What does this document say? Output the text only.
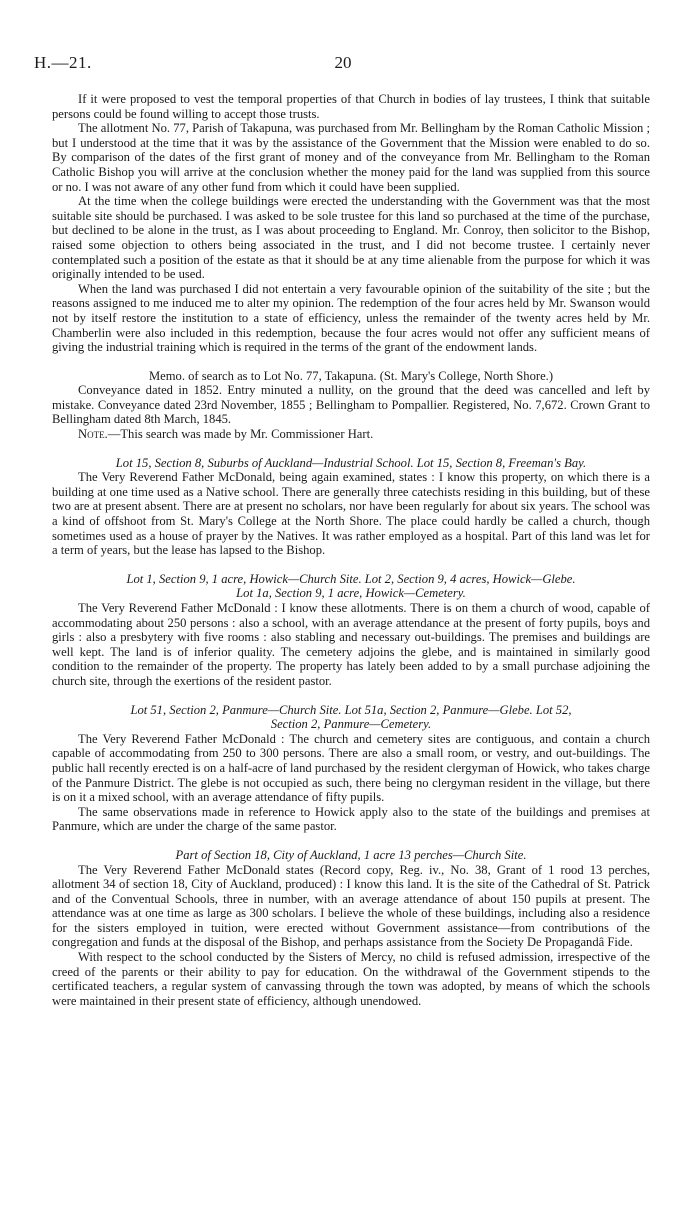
H.—21.	20

If it were proposed to vest the temporal properties of that Church in bodies of lay trustees, I think that suitable persons could be found willing to accept those trusts.

The allotment No. 77, Parish of Takapuna, was purchased from Mr. Bellingham by the Roman Catholic Mission ; but I understood at the time that it was by the assistance of the Government that the Mission were enabled to do so. By comparison of the dates of the first grant of money and of the conveyance from Mr. Bellingham to the Roman Catholic Bishop you will arrive at the conclusion whether the money paid for the land was supplied from this source or no. I was not aware of any other fund from which it could have been supplied.

At the time when the college buildings were erected the understanding with the Government was that the most suitable site should be purchased. I was asked to be sole trustee for this land so purchased at the time of the purchase, but declined to be alone in the trust, as I was about proceeding to England. Mr. Conroy, then solicitor to the Bishop, raised some objection to others being associated in the trust, and I did not become trustee. I certainly never contemplated such a position of the estate as that it should be at any time alienable from the purpose for which it was originally intended to be used.

When the land was purchased I did not entertain a very favourable opinion of the suitability of the site ; but the reasons assigned to me induced me to alter my opinion. The redemption of the four acres held by Mr. Swanson would not by itself restore the institution to a state of efficiency, unless the remainder of the twenty acres held by Mr. Chamberlin were also included in this redemption, because the four acres would not offer any sufficient means of giving the industrial training which is required in the terms of the grant of the endowment lands.

Memo. of search as to Lot No. 77, Takapuna. (St. Mary's College, North Shore.)

Conveyance dated in 1852. Entry minuted a nullity, on the ground that the deed was cancelled and left by mistake. Conveyance dated 23rd November, 1855 ; Bellingham to Pompallier. Registered, No. 7,672. Crown Grant to Bellingham dated 8th March, 1845.

Note.—This search was made by Mr. Commissioner Hart.

Lot 15, Section 8, Suburbs of Auckland—Industrial School. Lot 15, Section 8, Freeman's Bay.

The Very Reverend Father McDonald, being again examined, states : I know this property, on which there is a building at one time used as a Native school. There are generally three catechists residing in this building, but of these two are at present absent. There are at present no scholars, nor have been regularly for about six years. The school was a kind of offshoot from St. Mary's College at the North Shore. The place could hardly be called a church, though sometimes used as a house of prayer by the Natives. It was rather employed as a hospital. Part of this land was let for a term of years, but the lease has lapsed to the Bishop.

Lot 1, Section 9, 1 acre, Howick—Church Site. Lot 2, Section 9, 4 acres, Howick—Glebe.

Lot 1a, Section 9, 1 acre, Howick—Cemetery.

The Very Reverend Father McDonald : I know these allotments. There is on them a church of wood, capable of accommodating about 250 persons : also a school, with an average attendance at the present of forty pupils, boys and girls : also a presbytery with five rooms : also stabling and necessary out-buildings. The premises and buildings are well kept. The land is of inferior quality. The cemetery adjoins the glebe, and is maintained in similarly good condition to the remainder of the property. The property has lately been added to by a small purchase adjoining the church site, through the exertions of the resident pastor.

Lot 51, Section 2, Panmure—Church Site. Lot 51a, Section 2, Panmure—Glebe. Lot 52,

Section 2, Panmure—Cemetery.

The Very Reverend Father McDonald : The church and cemetery sites are contiguous, and contain a church capable of accommodating from 250 to 300 persons. There are also a small room, or vestry, and out-buildings. The public hall recently erected is on a half-acre of land purchased by the resident clergyman of Howick, who takes charge of the Panmure District. The glebe is not occupied as such, there being no clergyman resident in the village, but there is on it a mixed school, with an average attendance of fifty pupils.

The same observations made in reference to Howick apply also to the state of the buildings and premises at Panmure, which are under the charge of the same pastor.

Part of Section 18, City of Auckland, 1 acre 13 perches—Church Site.

The Very Reverend Father McDonald states (Record copy, Reg. iv., No. 38, Grant of 1 rood 13 perches, allotment 34 of section 18, City of Auckland, produced) : I know this land. It is the site of the Cathedral of St. Patrick and of the Conventual Schools, three in number, with an average attendance of about 150 pupils at present. The attendance was at one time as large as 300 scholars. I believe the whole of these buildings, including also a residence for the sisters employed in tuition, were erected without Government assistance—from contributions of the congregation and funds at the disposal of the Bishop, and perhaps assistance from the Society De Propagandâ Fide.

With respect to the school conducted by the Sisters of Mercy, no child is refused admission, irrespective of the creed of the parents or their ability to pay for education. On the withdrawal of the Government stipends to the certificated teachers, a regular system of canvassing through the town was adopted, by means of which the schools were maintained in their present state of efficiency, although unendowed.
